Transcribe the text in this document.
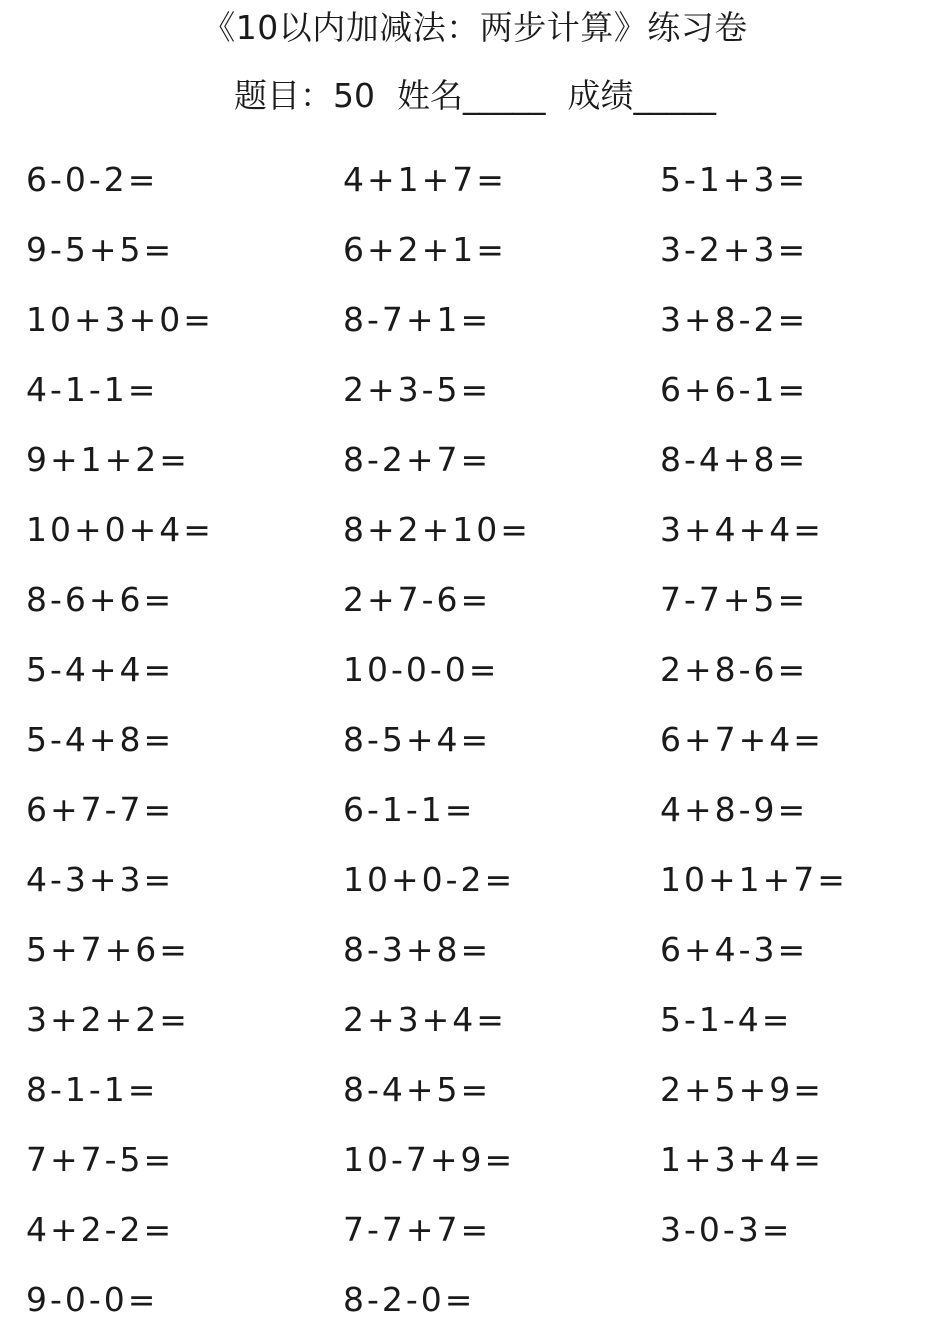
《10以内加减法：两步计算》练习卷
题目：50 姓名_____ 成绩_____
6-0-2=	4+1+7=	5-1+3=
9-5+5=	6+2+1=	3-2+3=
10+3+0=	8-7+1=	3+8-2=
4-1-1=	2+3-5=	6+6-1=
9+1+2=	8-2+7=	8-4+8=
10+0+4=	8+2+10=	3+4+4=
8-6+6=	2+7-6=	7-7+5=
5-4+4=	10-0-0=	2+8-6=
5-4+8=	8-5+4=	6+7+4=
6+7-7=	6-1-1=	4+8-9=
4-3+3=	10+0-2=	10+1+7=
5+7+6=	8-3+8=	6+4-3=
3+2+2=	2+3+4=	5-1-4=
8-1-1=	8-4+5=	2+5+9=
7+7-5=	10-7+9=	1+3+4=
4+2-2=	7-7+7=	3-0-3=
9-0-0=	8-2-0=
